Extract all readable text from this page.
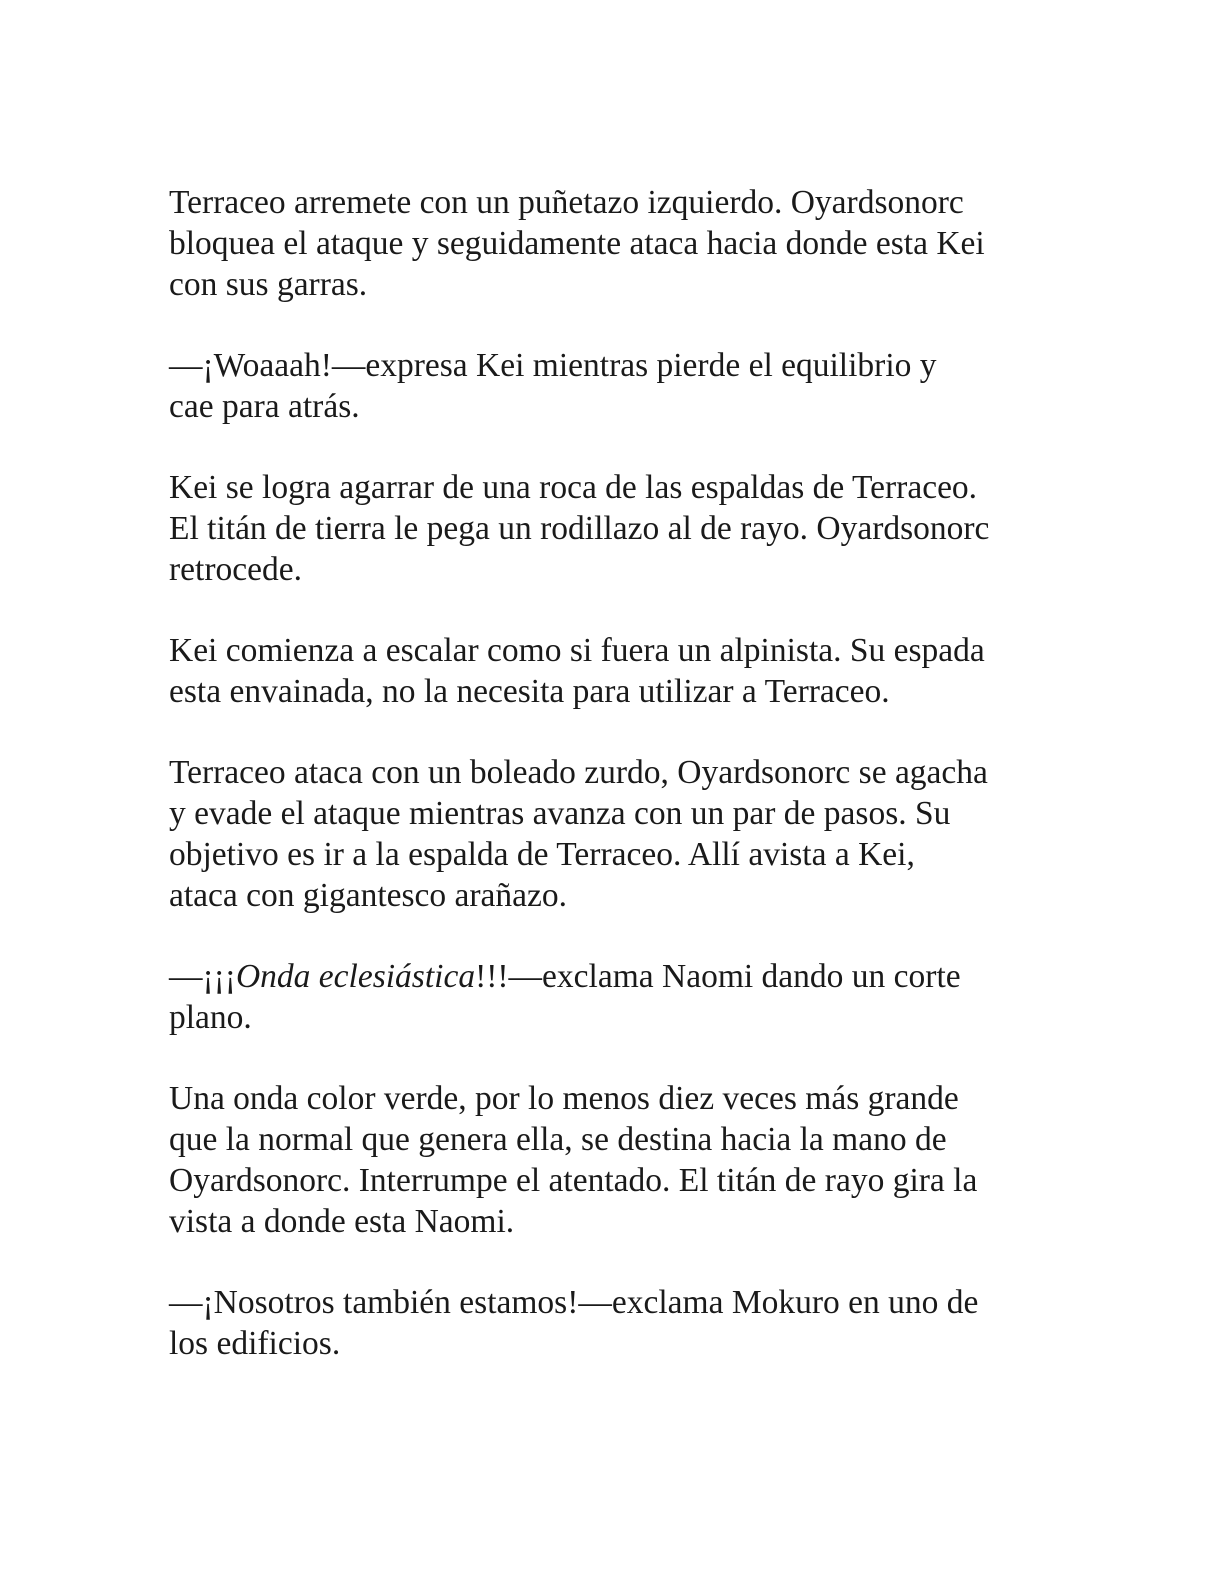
Terraceo arremete con un puñetazo izquierdo. Oyardsonorc
bloquea el ataque y seguidamente ataca hacia donde esta Kei
con sus garras.

—¡Woaaah!—expresa Kei mientras pierde el equilibrio y
cae para atrás.

Kei se logra agarrar de una roca de las espaldas de Terraceo.
El titán de tierra le pega un rodillazo al de rayo. Oyardsonorc
retrocede.

Kei comienza a escalar como si fuera un alpinista. Su espada
esta envainada, no la necesita para utilizar a Terraceo.

Terraceo ataca con un boleado zurdo, Oyardsonorc se agacha
y evade el ataque mientras avanza con un par de pasos. Su
objetivo es ir a la espalda de Terraceo. Allí avista a Kei,
ataca con gigantesco arañazo.

—¡¡¡Onda eclesiástica!!!—exclama Naomi dando un corte
plano.

Una onda color verde, por lo menos diez veces más grande
que la normal que genera ella, se destina hacia la mano de
Oyardsonorc. Interrumpe el atentado. El titán de rayo gira la
vista a donde esta Naomi.

—¡Nosotros también estamos!—exclama Mokuro en uno de
los edificios.
